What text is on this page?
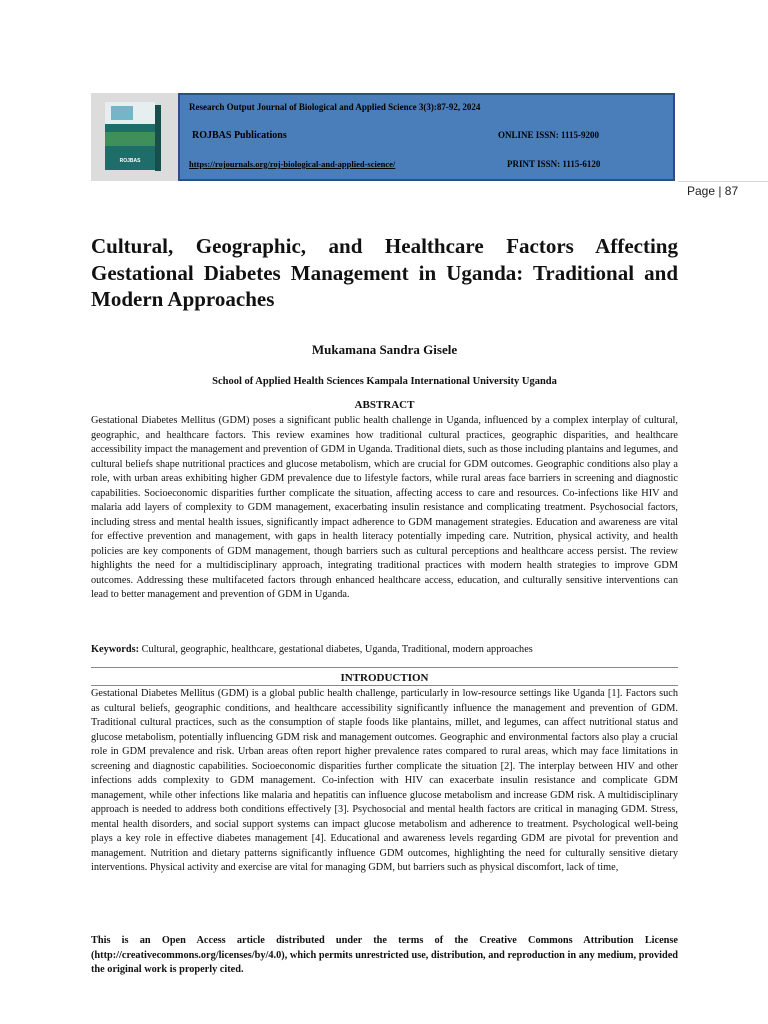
ROJBAS
Research Output Journal of Biological and Applied Science 3(3):87-92, 2024
ROJBAS Publications	ONLINE ISSN: 1115-9200
https://rojournals.org/roj-biological-and-applied-science/	PRINT ISSN: 1115-6120
Page | 87
Cultural, Geographic, and Healthcare Factors Affecting Gestational Diabetes Management in Uganda: Traditional and Modern Approaches
Mukamana Sandra Gisele
School of Applied Health Sciences Kampala International University Uganda
ABSTRACT
Gestational Diabetes Mellitus (GDM) poses a significant public health challenge in Uganda, influenced by a complex interplay of cultural, geographic, and healthcare factors. This review examines how traditional cultural practices, geographic disparities, and healthcare accessibility impact the management and prevention of GDM in Uganda. Traditional diets, such as those including plantains and legumes, and cultural beliefs shape nutritional practices and glucose metabolism, which are crucial for GDM outcomes. Geographic conditions also play a role, with urban areas exhibiting higher GDM prevalence due to lifestyle factors, while rural areas face barriers in screening and diagnostic capabilities. Socioeconomic disparities further complicate the situation, affecting access to care and resources. Co-infections like HIV and malaria add layers of complexity to GDM management, exacerbating insulin resistance and complicating treatment. Psychosocial factors, including stress and mental health issues, significantly impact adherence to GDM management strategies. Education and awareness are vital for effective prevention and management, with gaps in health literacy potentially impeding care. Nutrition, physical activity, and health policies are key components of GDM management, though barriers such as cultural perceptions and healthcare access persist. The review highlights the need for a multidisciplinary approach, integrating traditional practices with modern health strategies to improve GDM outcomes. Addressing these multifaceted factors through enhanced healthcare access, education, and culturally sensitive interventions can lead to better management and prevention of GDM in Uganda.
Keywords: Cultural, geographic, healthcare, gestational diabetes, Uganda, Traditional, modern approaches
INTRODUCTION
Gestational Diabetes Mellitus (GDM) is a global public health challenge, particularly in low-resource settings like Uganda [1]. Factors such as cultural beliefs, geographic conditions, and healthcare accessibility significantly influence the management and prevention of GDM. Traditional cultural practices, such as the consumption of staple foods like plantains, millet, and legumes, can affect nutritional status and glucose metabolism, potentially influencing GDM risk and management outcomes. Geographic and environmental factors also play a crucial role in GDM prevalence and risk. Urban areas often report higher prevalence rates compared to rural areas, which may face limitations in screening and diagnostic capabilities. Socioeconomic disparities further complicate the situation [2]. The interplay between HIV and other infections adds complexity to GDM management. Co-infection with HIV can exacerbate insulin resistance and complicate GDM management, while other infections like malaria and hepatitis can influence glucose metabolism and increase GDM risk. A multidisciplinary approach is needed to address both conditions effectively [3]. Psychosocial and mental health factors are critical in managing GDM. Stress, mental health disorders, and social support systems can impact glucose metabolism and adherence to treatment. Psychological well-being plays a key role in effective diabetes management [4]. Educational and awareness levels regarding GDM are pivotal for prevention and management. Nutrition and dietary patterns significantly influence GDM outcomes, highlighting the need for culturally sensitive dietary interventions. Physical activity and exercise are vital for managing GDM, but barriers such as physical discomfort, lack of time,
This is an Open Access article distributed under the terms of the Creative Commons Attribution License (http://creativecommons.org/licenses/by/4.0), which permits unrestricted use, distribution, and reproduction in any medium, provided the original work is properly cited.
